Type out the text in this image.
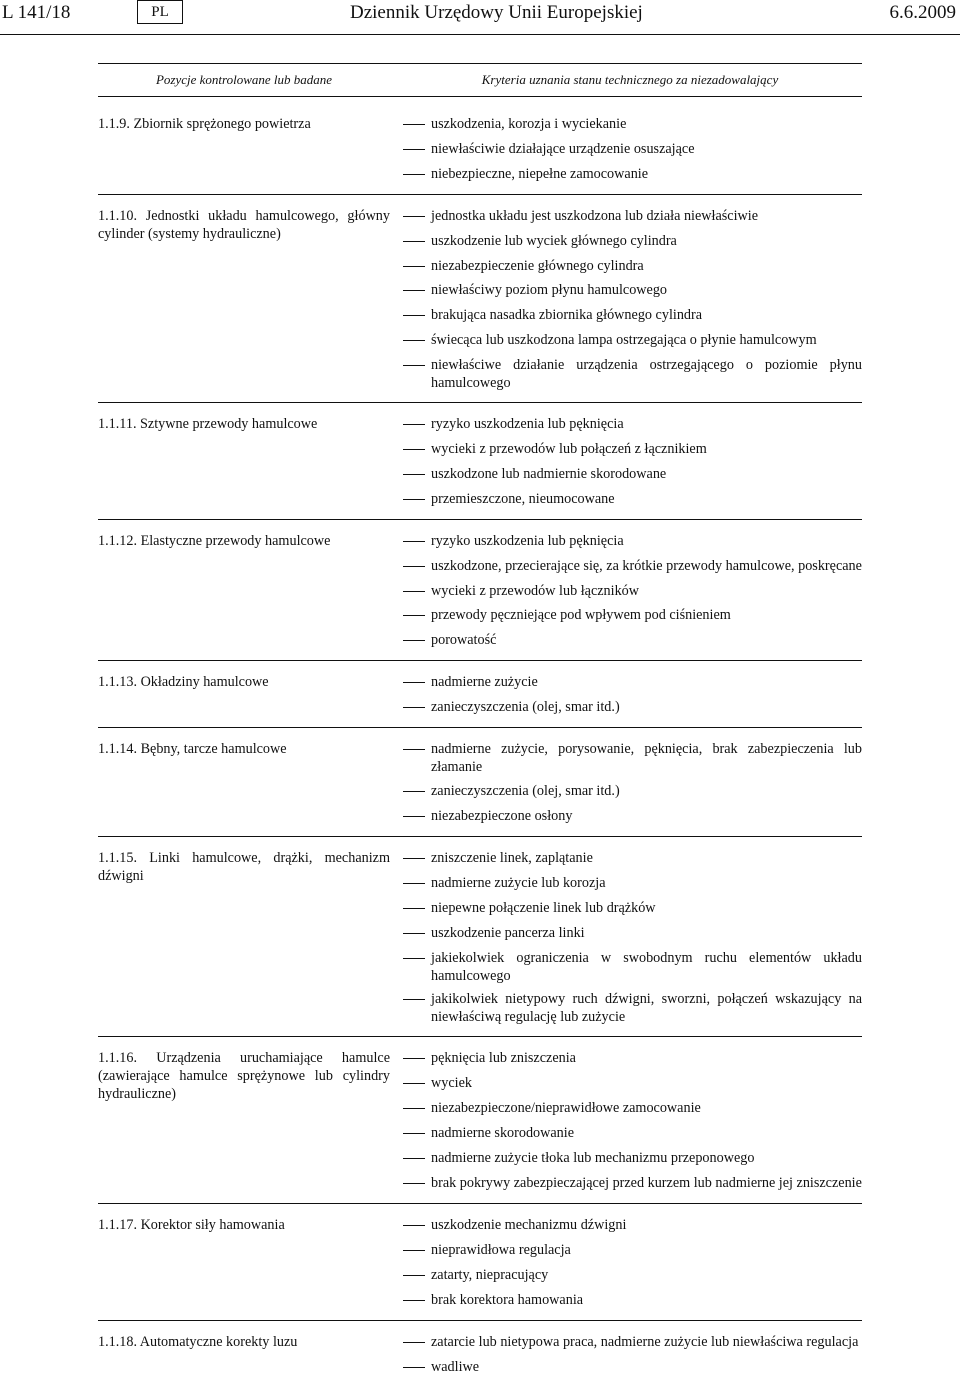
L 141/18	PL	Dziennik Urzędowy Unii Europejskiej	6.6.2009
Pozycje kontrolowane lub badane	Kryteria uznania stanu technicznego za niezadowalający
1.1.9. Zbiornik sprężonego powietrza	uszkodzenia, korozja i wyciekanie
niewłaściwie działające urządzenie osuszające
niebezpieczne, niepełne zamocowanie
1.1.10. Jednostki układu hamulcowego, główny cylinder (systemy hydrauliczne)
jednostka układu jest uszkodzona lub działa niewłaściwie
uszkodzenie lub wyciek głównego cylindra
niezabezpieczenie głównego cylindra
niewłaściwy poziom płynu hamulcowego
brakująca nasadka zbiornika głównego cylindra
świecąca lub uszkodzona lampa ostrzegająca o płynie hamulcowym
niewłaściwe działanie urządzenia ostrzegającego o poziomie płynu hamulcowego
1.1.11. Sztywne przewody hamulcowe	ryzyko uszkodzenia lub pęknięcia
wycieki z przewodów lub połączeń z łącznikiem
uszkodzone lub nadmiernie skorodowane
przemieszczone, nieumocowane
1.1.12. Elastyczne przewody hamulcowe	ryzyko uszkodzenia lub pęknięcia
uszkodzone, przecierające się, za krótkie przewody hamulcowe, poskręcane
wycieki z przewodów lub łączników
przewody pęczniejące pod wpływem pod ciśnieniem
porowatość
1.1.13. Okładziny hamulcowe	nadmierne zużycie
zanieczyszczenia (olej, smar itd.)
1.1.14. Bębny, tarcze hamulcowe	nadmierne zużycie, porysowanie, pęknięcia, brak zabezpieczenia lub złamanie
zanieczyszczenia (olej, smar itd.)
niezabezpieczone osłony
1.1.15. Linki hamulcowe, drążki, mechanizm dźwigni
zniszczenie linek, zaplątanie
nadmierne zużycie lub korozja
niepewne połączenie linek lub drążków
uszkodzenie pancerza linki
jakiekolwiek ograniczenia w swobodnym ruchu elementów układu hamulcowego
jakikolwiek nietypowy ruch dźwigni, sworzni, połączeń wskazujący na niewłaściwą regulację lub zużycie
1.1.16. Urządzenia uruchamiające hamulce (zawierające hamulce sprężynowe lub cylindry hydrauliczne)
pęknięcia lub zniszczenia
wyciek
niezabezpieczone/nieprawidłowe zamocowanie
nadmierne skorodowanie
nadmierne zużycie tłoka lub mechanizmu przeponowego
brak pokrywy zabezpieczającej przed kurzem lub nadmierne jej zniszczenie
1.1.17. Korektor siły hamowania	uszkodzenie mechanizmu dźwigni
nieprawidłowa regulacja
zatarty, niepracujący
brak korektora hamowania
1.1.18. Automatyczne korekty luzu	zatarcie lub nietypowa praca, nadmierne zużycie lub niewłaściwa regulacja
wadliwe
